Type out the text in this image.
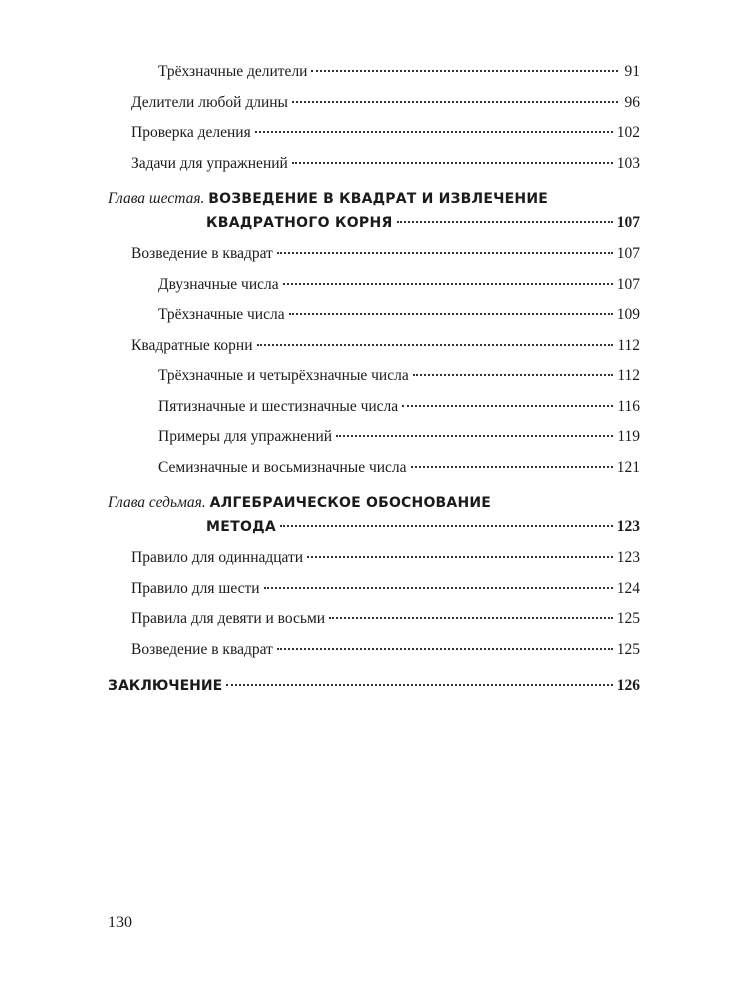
Трёхзначные делители	91
Делители любой длины	96
Проверка деления	102
Задачи для упражнений	103
Глава шестая. ВОЗВЕДЕНИЕ В КВАДРАТ И ИЗВЛЕЧЕНИЕ
КВАДРАТНОГО КОРНЯ	107
Возведение в квадрат	107
Двузначные числа	107
Трёхзначные числа	109
Квадратные корни	112
Трёхзначные и четырёхзначные числа	112
Пятизначные и шестизначные числа	116
Примеры для упражнений	119
Семизначные и восьмизначные числа	121
Глава седьмая. АЛГЕБРАИЧЕСКОЕ ОБОСНОВАНИЕ
МЕТОДА	123
Правило для одиннадцати	123
Правило для шести	124
Правила для девяти и восьми	125
Возведение в квадрат	125
ЗАКЛЮЧЕНИЕ	126
130
